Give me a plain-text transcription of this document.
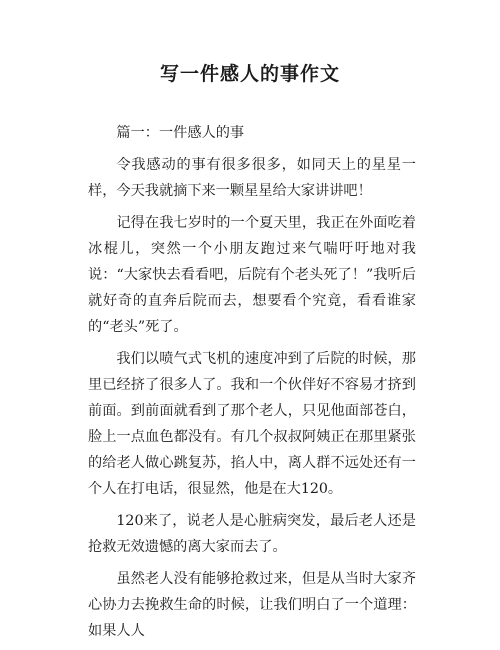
写一件感人的事作文

篇一：一件感人的事

令我感动的事有很多很多，如同天上的星星一样，今天我就摘下来一颗星星给大家讲讲吧！

记得在我七岁时的一个夏天里，我正在外面吃着冰棍儿，突然一个小朋友跑过来气喘吁吁地对我说：“大家快去看看吧，后院有个老头死了！”我听后就好奇的直奔后院而去，想要看个究竟，看看谁家的“老头”死了。

我们以喷气式飞机的速度冲到了后院的时候，那里已经挤了很多人了。我和一个伙伴好不容易才挤到前面。到前面就看到了那个老人，只见他面部苍白，脸上一点血色都没有。有几个叔叔阿姨正在那里紧张的给老人做心跳复苏，掐人中，离人群不远处还有一个人在打电话，很显然，他是在大120。

120来了，说老人是心脏病突发，最后老人还是抢救无效遗憾的离大家而去了。

虽然老人没有能够抢救过来，但是从当时大家齐心协力去挽救生命的时候，让我们明白了一个道理：如果人人
